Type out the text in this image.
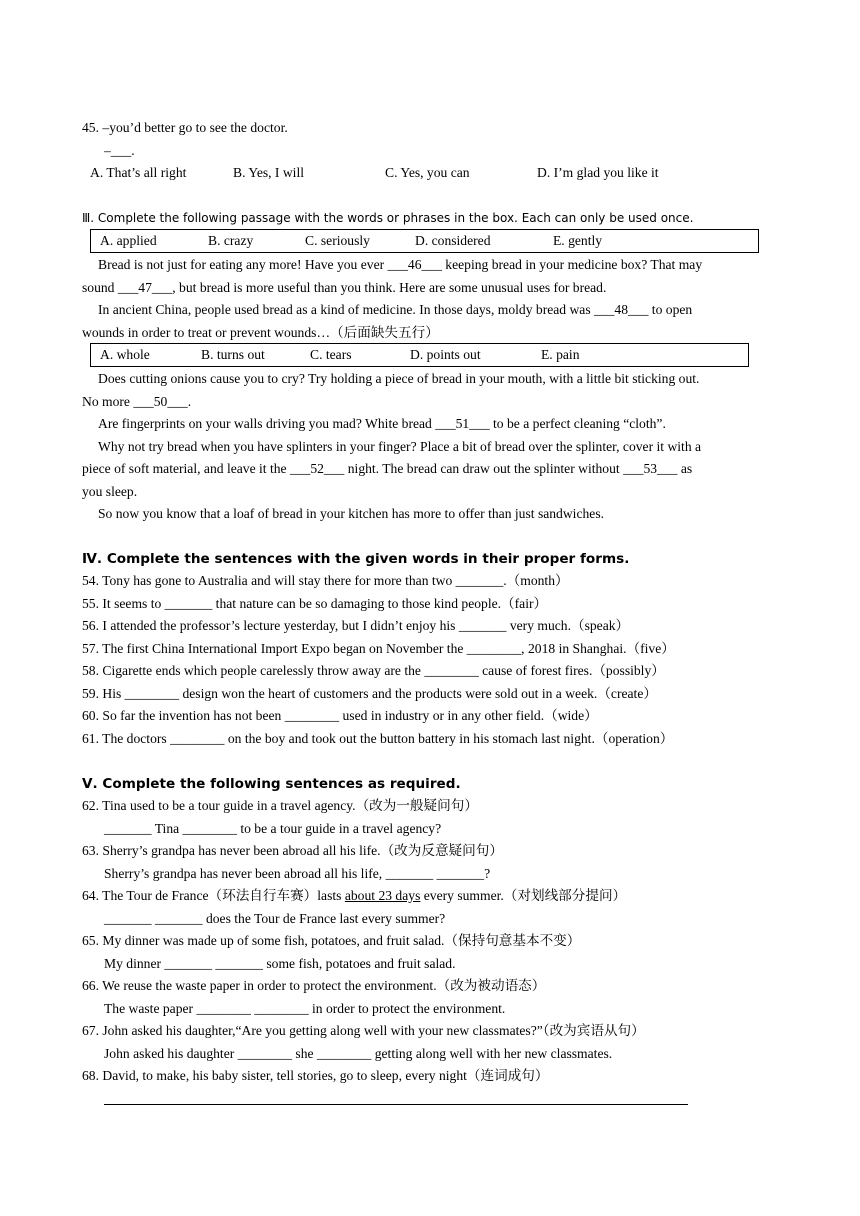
45. –you’d better go to see the doctor.
–___.
A. That’s all right	B. Yes, I will	C. Yes, you can	D. I’m glad you like it
Ⅲ. Complete the following passage with the words or phrases in the box. Each can only be used once.
A. applied	B. crazy	C. seriously	D. considered	E. gently
Bread is not just for eating any more! Have you ever ___46___ keeping bread in your medicine box? That may
sound ___47___, but bread is more useful than you think. Here are some unusual uses for bread.
In ancient China, people used bread as a kind of medicine. In those days, moldy bread was ___48___ to open
wounds in order to treat or prevent wounds…（后面缺失五行）
A. whole	B. turns out	C. tears	D. points out	E. pain
Does cutting onions cause you to cry? Try holding a piece of bread in your mouth, with a little bit sticking out.
No more ___50___.
Are fingerprints on your walls driving you mad? White bread ___51___ to be a perfect cleaning “cloth”.
Why not try bread when you have splinters in your finger? Place a bit of bread over the splinter, cover it with a
piece of soft material, and leave it the ___52___ night. The bread can draw out the splinter without ___53___ as
you sleep.
So now you know that a loaf of bread in your kitchen has more to offer than just sandwiches.
Ⅳ. Complete the sentences with the given words in their proper forms.
54. Tony has gone to Australia and will stay there for more than two _______.（month）
55. It seems to _______ that nature can be so damaging to those kind people.（fair）
56. I attended the professor’s lecture yesterday, but I didn’t enjoy his _______ very much.（speak）
57. The first China International Import Expo began on November the ________, 2018 in Shanghai.（five）
58. Cigarette ends which people carelessly throw away are the ________ cause of forest fires.（possibly）
59. His ________ design won the heart of customers and the products were sold out in a week.（create）
60. So far the invention has not been ________ used in industry or in any other field.（wide）
61. The doctors ________ on the boy and took out the button battery in his stomach last night.（operation）
Ⅴ. Complete the following sentences as required.
62. Tina used to be a tour guide in a travel agency.（改为一般疑问句）
_______ Tina ________ to be a tour guide in a travel agency?
63. Sherry’s grandpa has never been abroad all his life.（改为反意疑问句）
Sherry’s grandpa has never been abroad all his life, _______ _______?
64. The Tour de France（环法自行车赛）lasts about 23 days every summer.（对划线部分提问）
_______ _______ does the Tour de France last every summer?
65. My dinner was made up of some fish, potatoes, and fruit salad.（保持句意基本不变）
My dinner _______ _______ some fish, potatoes and fruit salad.
66. We reuse the waste paper in order to protect the environment.（改为被动语态）
The waste paper ________ ________ in order to protect the environment.
67. John asked his daughter,“Are you getting along well with your new classmates?”（改为宾语从句）
John asked his daughter ________ she ________ getting along well with her new classmates.
68. David, to make, his baby sister, tell stories, go to sleep, every night（连词成句）
